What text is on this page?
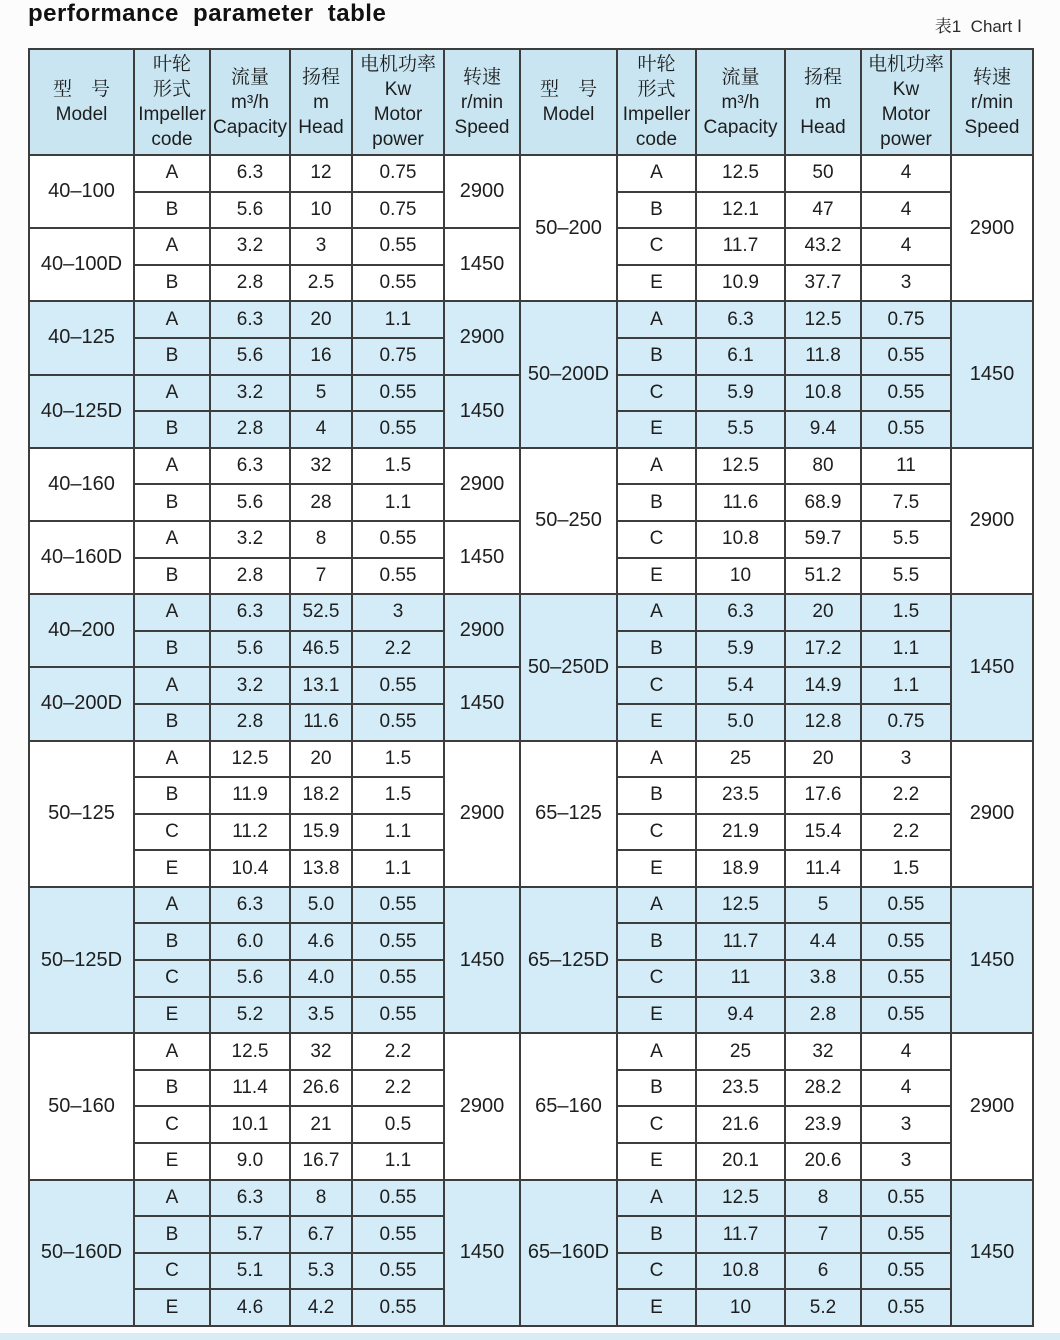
performance parameter table	表1  Chart Ⅰ
型　号
Model

叶轮
形式
Impeller
code

流量
m³/h
Capacity

扬程
m
Head

电机功率
Kw
Motor
power

转速
r/min
Speed

型　号
Model

叶轮
形式
Impeller
code

流量
m³/h
Capacity

扬程
m
Head

电机功率
Kw
Motor
power

转速
r/min
Speed

40–100	A	6.3	12	0.75	2900	50–200	A	12.5	50	4	2900
	B	5.6	10	0.75			B	12.1	47	4	
40–100D	A	3.2	3	0.55	1450		C	11.7	43.2	4	
	B	2.8	2.5	0.55			E	10.9	37.7	3	
40–125	A	6.3	20	1.1	2900	50–200D	A	6.3	12.5	0.75	1450
	B	5.6	16	0.75			B	6.1	11.8	0.55	
40–125D	A	3.2	5	0.55	1450		C	5.9	10.8	0.55	
	B	2.8	4	0.55			E	5.5	9.4	0.55	
40–160	A	6.3	32	1.5	2900	50–250	A	12.5	80	11	2900
	B	5.6	28	1.1			B	11.6	68.9	7.5	
40–160D	A	3.2	8	0.55	1450		C	10.8	59.7	5.5	
	B	2.8	7	0.55			E	10	51.2	5.5	
40–200	A	6.3	52.5	3	2900	50–250D	A	6.3	20	1.5	1450
	B	5.6	46.5	2.2			B	5.9	17.2	1.1	
40–200D	A	3.2	13.1	0.55	1450		C	5.4	14.9	1.1	
	B	2.8	11.6	0.55			E	5.0	12.8	0.75	
50–125	A	12.5	20	1.5	2900	65–125	A	25	20	3	2900
	B	11.9	18.2	1.5			B	23.5	17.6	2.2	
	C	11.2	15.9	1.1			C	21.9	15.4	2.2	
	E	10.4	13.8	1.1			E	18.9	11.4	1.5	
50–125D	A	6.3	5.0	0.55	1450	65–125D	A	12.5	5	0.55	1450
	B	6.0	4.6	0.55			B	11.7	4.4	0.55	
	C	5.6	4.0	0.55			C	11	3.8	0.55	
	E	5.2	3.5	0.55			E	9.4	2.8	0.55	
50–160	A	12.5	32	2.2	2900	65–160	A	25	32	4	2900
	B	11.4	26.6	2.2			B	23.5	28.2	4	
	C	10.1	21	0.5			C	21.6	23.9	3	
	E	9.0	16.7	1.1			E	20.1	20.6	3	
50–160D	A	6.3	8	0.55	1450	65–160D	A	12.5	8	0.55	1450
	B	5.7	6.7	0.55			B	11.7	7	0.55	
	C	5.1	5.3	0.55			C	10.8	6	0.55	
	E	4.6	4.2	0.55			E	10	5.2	0.55	
